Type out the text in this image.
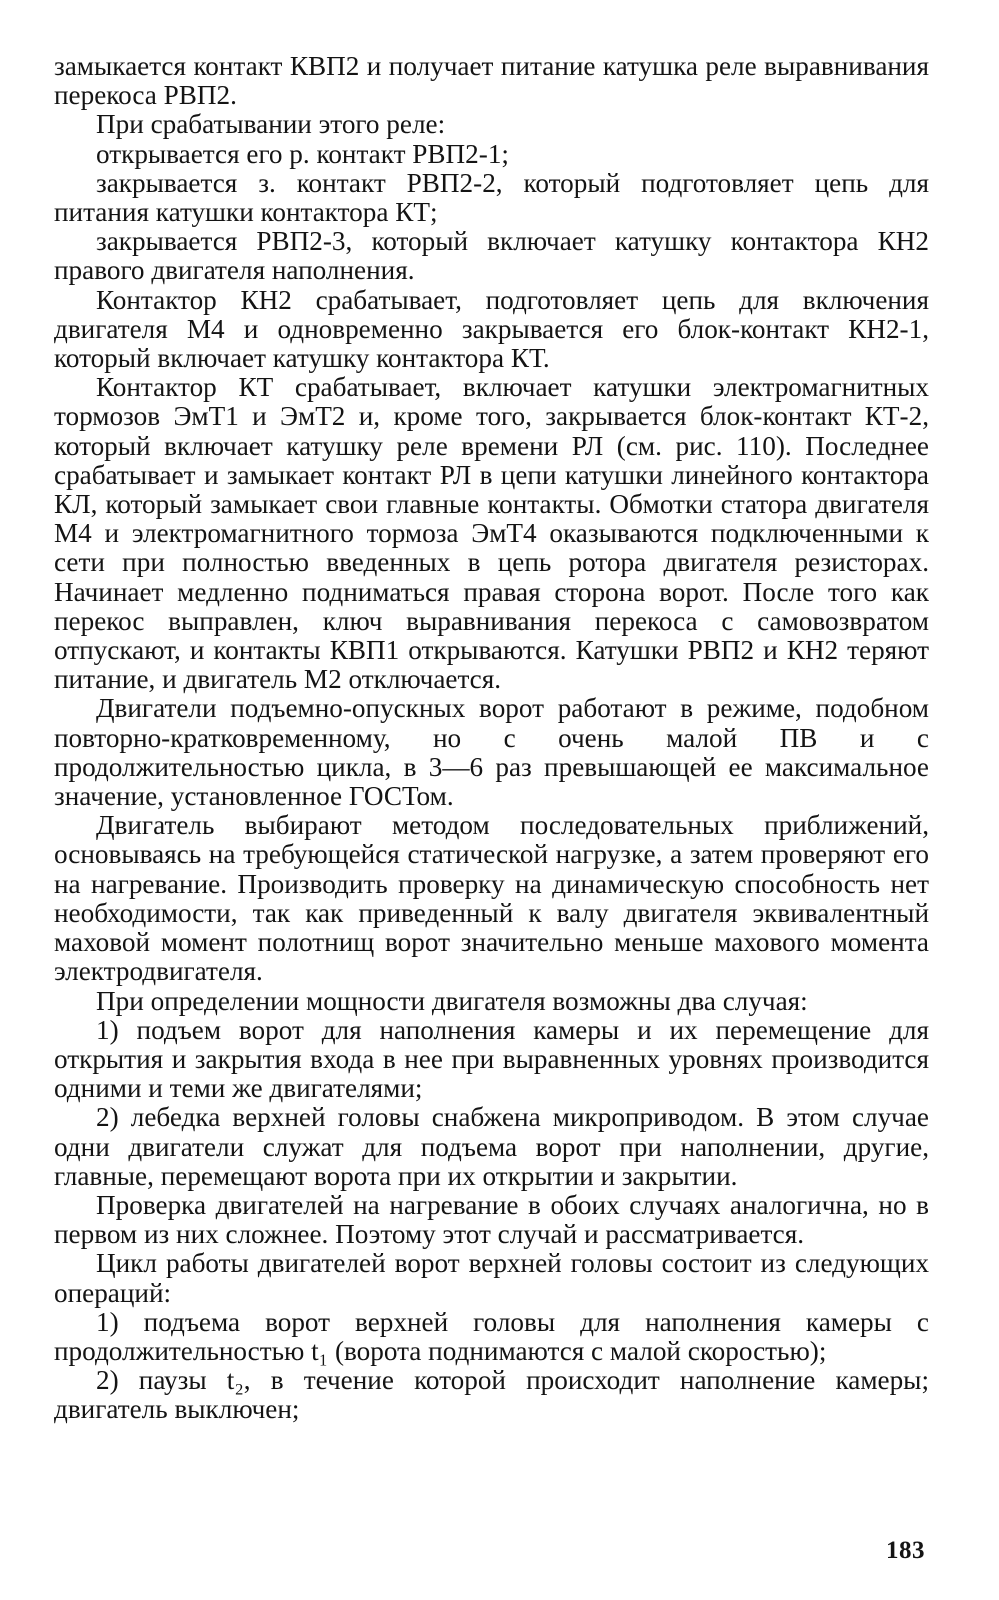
замыкается контакт КВП2 и получает питание катушка реле выравнивания перекоса РВП2.

При срабатывании этого реле:

открывается его р. контакт РВП2-1;

закрывается з. контакт РВП2-2, который подготовляет цепь для питания катушки контактора КТ;

закрывается РВП2-3, который включает катушку контактора КН2 правого двигателя наполнения.

Контактор КН2 срабатывает, подготовляет цепь для включения двигателя М4 и одновременно закрывается его блок-контакт КН2-1, который включает катушку контактора КТ.

Контактор КТ срабатывает, включает катушки электромагнитных тормозов ЭмТ1 и ЭмТ2 и, кроме того, закрывается блок-контакт КТ-2, который включает катушку реле времени РЛ (см. рис. 110). Последнее срабатывает и замыкает контакт РЛ в цепи катушки линейного контактора КЛ, который замыкает свои главные контакты. Обмотки статора двигателя М4 и электромагнитного тормоза ЭмТ4 оказываются подключенными к сети при полностью введенных в цепь ротора двигателя резисторах. Начинает медленно подниматься правая сторона ворот. После того как перекос выправлен, ключ выравнивания перекоса с самовозвратом отпускают, и контакты КВП1 открываются. Катушки РВП2 и КН2 теряют питание, и двигатель М2 отключается.

Двигатели подъемно-опускных ворот работают в режиме, подобном повторно-кратковременному, но с очень малой ПВ и с продолжительностью цикла, в 3—6 раз превышающей ее максимальное значение, установленное ГОСТом.

Двигатель выбирают методом последовательных приближений, основываясь на требующейся статической нагрузке, а затем проверяют его на нагревание. Производить проверку на динамическую способность нет необходимости, так как приведенный к валу двигателя эквивалентный маховой момент полотнищ ворот значительно меньше махового момента электродвигателя.

При определении мощности двигателя возможны два случая:

1) подъем ворот для наполнения камеры и их перемещение для открытия и закрытия входа в нее при выравненных уровнях производится одними и теми же двигателями;

2) лебедка верхней головы снабжена микроприводом. В этом случае одни двигатели служат для подъема ворот при наполнении, другие, главные, перемещают ворота при их открытии и закрытии.

Проверка двигателей на нагревание в обоих случаях аналогична, но в первом из них сложнее. Поэтому этот случай и рассматривается.

Цикл работы двигателей ворот верхней головы состоит из следующих операций:

1) подъема ворот верхней головы для наполнения камеры с продолжительностью t₁ (ворота поднимаются с малой скоростью);

2) паузы t₂, в течение которой происходит наполнение камеры; двигатель выключен;

183
